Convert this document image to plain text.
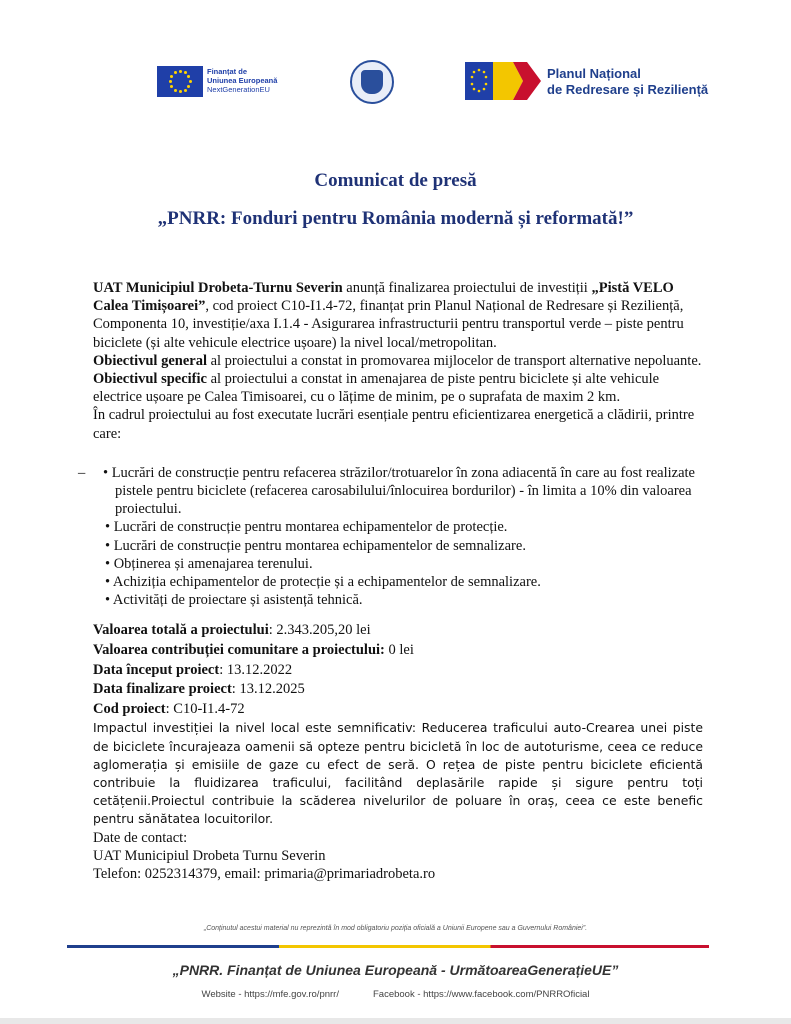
Finanțat de
Uniunea Europeană
NextGenerationEU
Planul Național
de Redresare și Reziliență
Comunicat de presă
„PNRR: Fonduri pentru România modernă și reformată!”

UAT Municipiul Drobeta-Turnu Severin anunță finalizarea proiectului de investiții „Pistă VELO Calea Timișoarei”, cod proiect C10-I1.4-72, finanțat prin Planul Național de Redresare și Reziliență, Componenta 10, investiție/axa I.1.4 - Asigurarea infrastructurii pentru transportul verde – piste pentru biciclete (și alte vehicule electrice ușoare) la nivel local/metropolitan.

Obiectivul general al proiectului a constat in promovarea mijlocelor de transport alternative nepoluante. Obiectivul specific al proiectului a constat in amenajarea de piste pentru biciclete și alte vehicule electrice ușoare pe Calea Timisoarei, cu o lățime de minim, pe o suprafata de maxim 2 km.

În cadrul proiectului au fost executate lucrări esențiale pentru eficientizarea energetică a clădirii, printre care:

–	• Lucrări de construcție pentru refacerea străzilor/trotuarelor în zona adiacentă în care au fost realizate pistele pentru biciclete (refacerea carosabilului/înlocuirea bordurilor) - în limita a 10% din valoarea proiectului.
• Lucrări de construcție pentru montarea echipamentelor de protecție.
• Lucrări de construcție pentru montarea echipamentelor de semnalizare.
• Obținerea și amenajarea terenului.
• Achiziția echipamentelor de protecție și a echipamentelor de semnalizare.
• Activități de proiectare și asistență tehnică.
Valoarea totală a proiectului: 2.343.205,20 lei
Valoarea contribuției comunitare a proiectului: 0 lei
Data început proiect: 13.12.2022
Data finalizare proiect: 13.12.2025
Cod proiect: C10-I1.4-72

Impactul investiției la nivel local este semnificativ: Reducerea traficului auto-Crearea unei piste de biciclete încurajeaza oamenii să opteze pentru bicicletă în loc de autoturisme, ceea ce reduce aglomerația și emisiile de gaze cu efect de seră. O rețea de piste pentru biciclete eficientă contribuie la fluidizarea traficului, facilitând deplasările rapide și sigure pentru toți cetățenii.Proiectul contribuie la scăderea nivelurilor de poluare în oraș, ceea ce este benefic pentru sănătatea locuitorilor.

Date de contact:
UAT Municipiul Drobeta Turnu Severin
Telefon: 0252314379, email: primaria@primariadrobeta.ro
„Conținutul acestui material nu reprezintă în mod obligatoriu poziția oficială a Uniunii Europene sau a Guvernului României”.
„PNRR. Finanțat de Uniunea Europeană - UrmătoareaGenerațieUE”
Website - https://mfe.gov.ro/pnrr/	Facebook - https://www.facebook.com/PNRROficial
